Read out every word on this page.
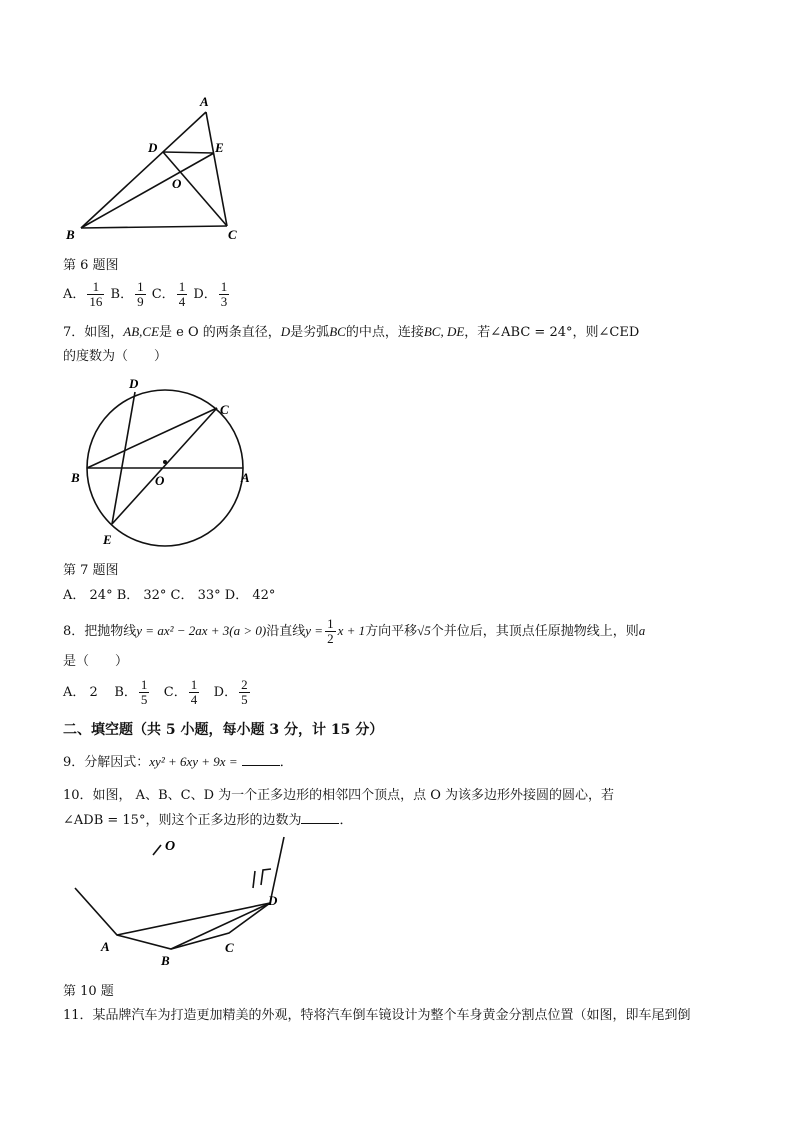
A
D	E
O
B	C
第 6 题图
A． $\frac{1}{16}$ B． $\frac{1}{9}$ C． $\frac{1}{4}$ D． $\frac{1}{3}$
7．如图，AB,CE是 e O 的两条直径，D是劣弧BC的中点，连接BC, DE，若∠ABC = 24°，则∠CED
的度数为（　　）
D
C
B	O	A
E
第 7 题图
A． 24° B． 32° C． 33° D． 42°
8．把抛物线y = ax² − 2ax + 3(a > 0)沿直线$y = \frac{1}{2}$ x + 1方向平移√5个并位后，其顶点任原抛物线上，则a
是（　　）
A． 2 B． $\frac{1}{5}$ C． $\frac{1}{4}$ D． $\frac{2}{5}$
二、填空题（共 5 小题，每小题 3 分，计 15 分）
9．分解因式：xy² + 6xy + 9x =	．
10．如图， A、B、C、D 为一个正多边形的相邻四个顶点，点 O 为该多边形外接圆的圆心，若
∠ADB = 15°，则这个正多边形的边数为	．
O
A
B
C
D
第 10 题
11．某品牌汽车为打造更加精美的外观，特将汽车倒车镜设计为整个车身黄金分割点位置（如图，即车尾到倒
